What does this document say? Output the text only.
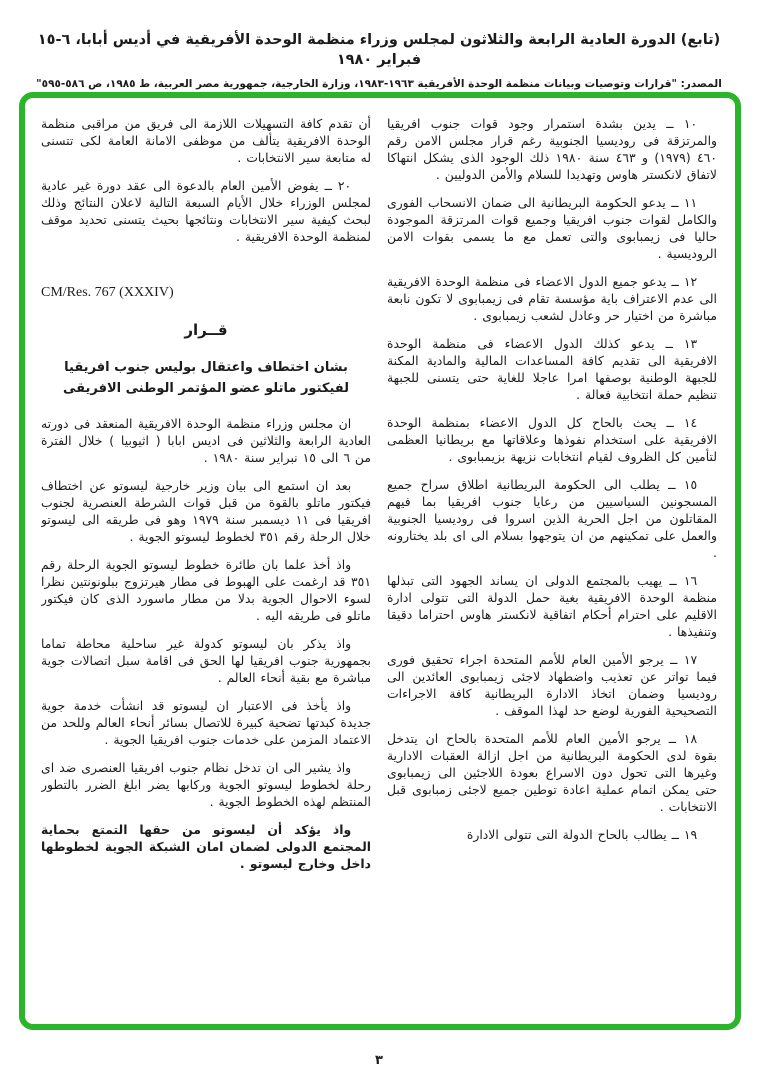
(تابع) الدورة العادية الرابعة والثلاثون لمجلس وزراء منظمة الوحدة الأفريقية في أديس أبابا، ٦-١٥ فبراير ١٩٨٠
المصدر: "قرارات وتوصيات وبيانات منظمة الوحدة الأفريقية ١٩٦٣-١٩٨٣، وزارة الخارجية، جمهورية مصر العربية، ط ١٩٨٥، ص ٥٨٦-٥٩٥"

١٠ ــ يدين بشدة استمرار وجود قوات جنوب افريقيا والمرتزقة فى روديسيا الجنوبية رغم قرار مجلس الامن رقم ٤٦٠ (١٩٧٩) و ٤٦٣ سنة ١٩٨٠ ذلك الوجود الذى يشكل انتهاكا لاتفاق لانكستر هاوس وتهديدا للسلام والأمن الدوليين .

١١ ــ يدعو الحكومة البريطانية الى ضمان الانسحاب الفورى والكامل لقوات جنوب افريقيا وجميع قوات المرتزقة الموجودة حاليا فى زيمبابوى والتى تعمل مع ما يسمى بقوات الامن الروديسية .

١٢ ــ يدعو جميع الدول الاعضاء فى منظمة الوحدة الافريقية الى عدم الاعتراف باية مؤسسة تقام فى زيمبابوى لا تكون نابعة مباشرة من اختيار حر وعادل لشعب زيمبابوى .

١٣ ــ يدعو كذلك الدول الاعضاء فى منظمة الوحدة الافريقية الى تقديم كافة المساعدات المالية والمادية المكنة للجبهة الوطنية بوصفها امرا عاجلا للغاية حتى يتسنى للجبهة تنظيم حملة انتخابية فعالة .

١٤ ــ يحث بالحاح كل الدول الاعضاء بمنظمة الوحدة الافريقية على استخدام نفوذها وعلاقاتها مع بريطانيا العظمى لتأمين كل الظروف لقيام انتخابات نزيهة بزيمبابوى .

١٥ ــ يطلب الى الحكومة البريطانية اطلاق سراح جميع المسجونين السياسيين من رعايا جنوب افريقيا بما فيهم المقاتلون من اجل الحرية الذين اسروا فى روديسيا الجنوبية والعمل على تمكينهم من ان يتوجهوا بسلام الى اى بلد يختارونه .

١٦ ــ يهيب بالمجتمع الدولى ان يساند الجهود التى تبذلها منظمة الوحدة الافريقية بغية حمل الدولة التى تتولى ادارة الاقليم على احترام أحكام اتفاقية لانكستر هاوس احتراما دقيقا وتنفيذها .

١٧ ــ يرجو الأمين العام للأمم المتحدة اجراء تحقيق فورى فيما تواتر عن تعذيب واضطهاد لاجئى زيمبابوى العائدين الى روديسيا وضمان اتخاذ الادارة البريطانية كافة الاجراءات التصحيحية الفورية لوضع حد لهذا الموقف .

١٨ ــ يرجو الأمين العام للأمم المتحدة بالحاح ان يتدخل بقوة لدى الحكومة البريطانية من اجل ازالة العقبات الادارية وغيرها التى تحول دون الاسراع بعودة اللاجئين الى زيمبابوى حتى يمكن اتمام عملية اعادة توطين جميع لاجئى زمبابوى قبل الانتخابات .

١٩ ــ يطالب بالحاح الدولة التى تتولى الادارة

أن تقدم كافة التسهيلات اللازمة الى فريق من مراقبى منظمة الوحدة الافريقية يتألف من موظفى الامانة العامة لكى تتسنى له متابعة سير الانتخابات .

٢٠ ــ يفوض الأمين العام بالدعوة الى عقد دورة غير عادية لمجلس الوزراء خلال الأيام السبعة التالية لاعلان النتائج وذلك لبحث كيفية سير الانتخابات ونتائجها بحيث يتسنى تحديد موقف لمنظمة الوحدة الافريقية .

CM/Res. 767 (XXXIV)
قــرار
بشان اختطاف واعتقال بوليس جنوب افريقيا
لفيكتور ماتلو عضو المؤتمر الوطنى الافريقى

ان مجلس وزراء منظمة الوحدة الافريقية المنعقد فى دورته العادية الرابعة والثلاثين فى اديس ابابا ( اثيوبيا ) خلال الفترة من ٦ الى ١٥ نبراير سنة ١٩٨٠ .

بعد ان استمع الى بيان وزير خارجية ليسوتو عن اختطاف فيكتور ماتلو بالقوة من قبل قوات الشرطة العنصرية لجنوب افريقيا فى ١١ ديسمبر سنة ١٩٧٩ وهو فى طريقه الى ليسوتو خلال الرحلة رقم ٣٥١ لخطوط ليسوتو الجوية .

واذ أخذ علما بان طائرة خطوط ليسوتو الجوية الرحلة رقم ٣٥١ قد ارغمت على الهبوط فى مطار هيرتزوج ببلونونتين نظرا لسوء الاحوال الجوية بدلا من مطار ماسورد الذى كان فيكتور ماتلو فى طريقه اليه .

واذ يذكر بان ليسوتو كدولة غير ساحلية محاطة تماما بجمهورية جنوب افريقيا لها الحق فى اقامة سبل اتصالات جوية مباشرة مع بقية أنحاء العالم .

واذ يأخذ فى الاعتبار ان ليسوتو قد انشأت خدمة جوية جديدة كبدتها تضحية كبيرة للاتصال بسائر أنحاء العالم وللحد من الاعتماد المزمن على خدمات جنوب افريقيا الجوية .

واذ يشير الى ان تدخل نظام جنوب افريقيا العنصرى ضد اى رحلة لخطوط ليسوتو الجوية وركابها يضر ابلغ الضرر بالتطور المنتظم لهذه الخطوط الجوية .

واذ يؤكد أن ليسوتو من حقها التمتع بحماية المجتمع الدولى لضمان امان الشبكة الجوية لخطوطها داخل وخارج ليسوتو .

٣
